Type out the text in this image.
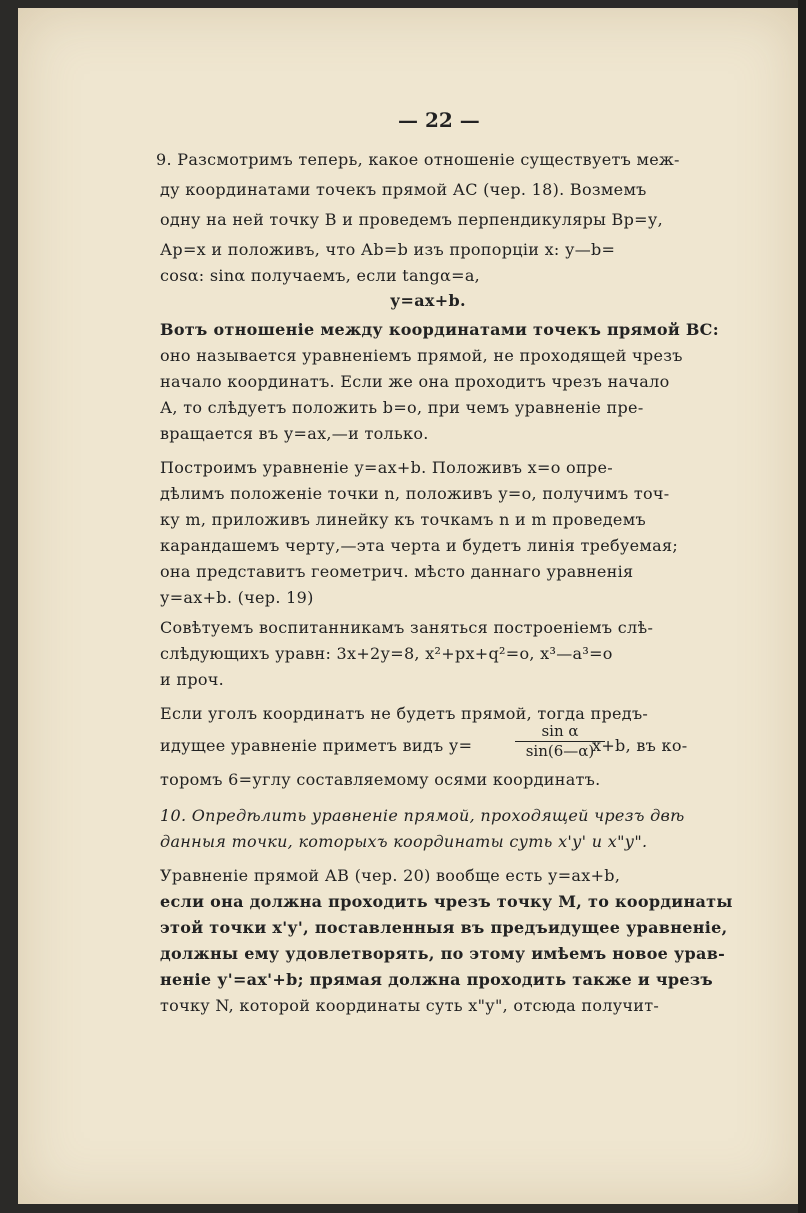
— 22 —
9. Разсмотримъ теперь, какое отношеніе существуетъ меж-
ду координатами точекъ прямой АС (чер. 18). Возмемъ
одну на ней точку В и проведемъ перпендикуляры Вр=у,
Ар=х и положивъ, что Аb=b изъ пропорціи х: у—b=
cosα: sinα получаемъ, если tangα=a,
у=ах+b.
Вотъ отношеніе между координатами точекъ прямой ВС:
оно называется уравненіемъ прямой, не проходящей чрезъ
начало координатъ. Если же она проходитъ чрезъ начало
А, то слѣдуетъ положить b=о, при чемъ уравненіе пре-
вращается въ у=ах,—и только.
Построимъ уравненіе у=ах+b. Положивъ х=о опре-
дѣлимъ положеніе точки n, положивъ у=о, получимъ точ-
ку m, приложивъ линейку къ точкамъ n и m проведемъ
карандашемъ черту,—эта черта и будетъ линія требуемая;
она представитъ геометрич. мѣсто даннаго уравненія
у=ах+b. (чер. 19)
Совѣтуемъ воспитанникамъ заняться построеніемъ слѣ-
слѣдующихъ уравн: 3х+2у=8, х²+рх+q²=о, х³—а³=о
и проч.
Если уголъ координатъ не будетъ прямой, тогда предъ-
идущее уравненіе приметъ видъ у=	$\frac{\text{sin α}}{\sin(6—\alpha)}$
х+b, въ ко-
торомъ 6=углу составляемому осями координатъ.
10. Опредѣлить уравненіе прямой, проходящей чрезъ двѣ
данныя точки, которыхъ координаты суть х'у' и х"у".
Уравненіе прямой АВ (чер. 20) вообще есть у=ах+b,
если она должна проходить чрезъ точку М, то координаты
этой точки х'у', поставленныя въ предъидущее уравненіе,
должны ему удовлетворять, по этому имѣемъ новое урав-
неніе у'=ах'+b; прямая должна проходить также и чрезъ
точку N, которой координаты суть х"у", отсюда получит-
